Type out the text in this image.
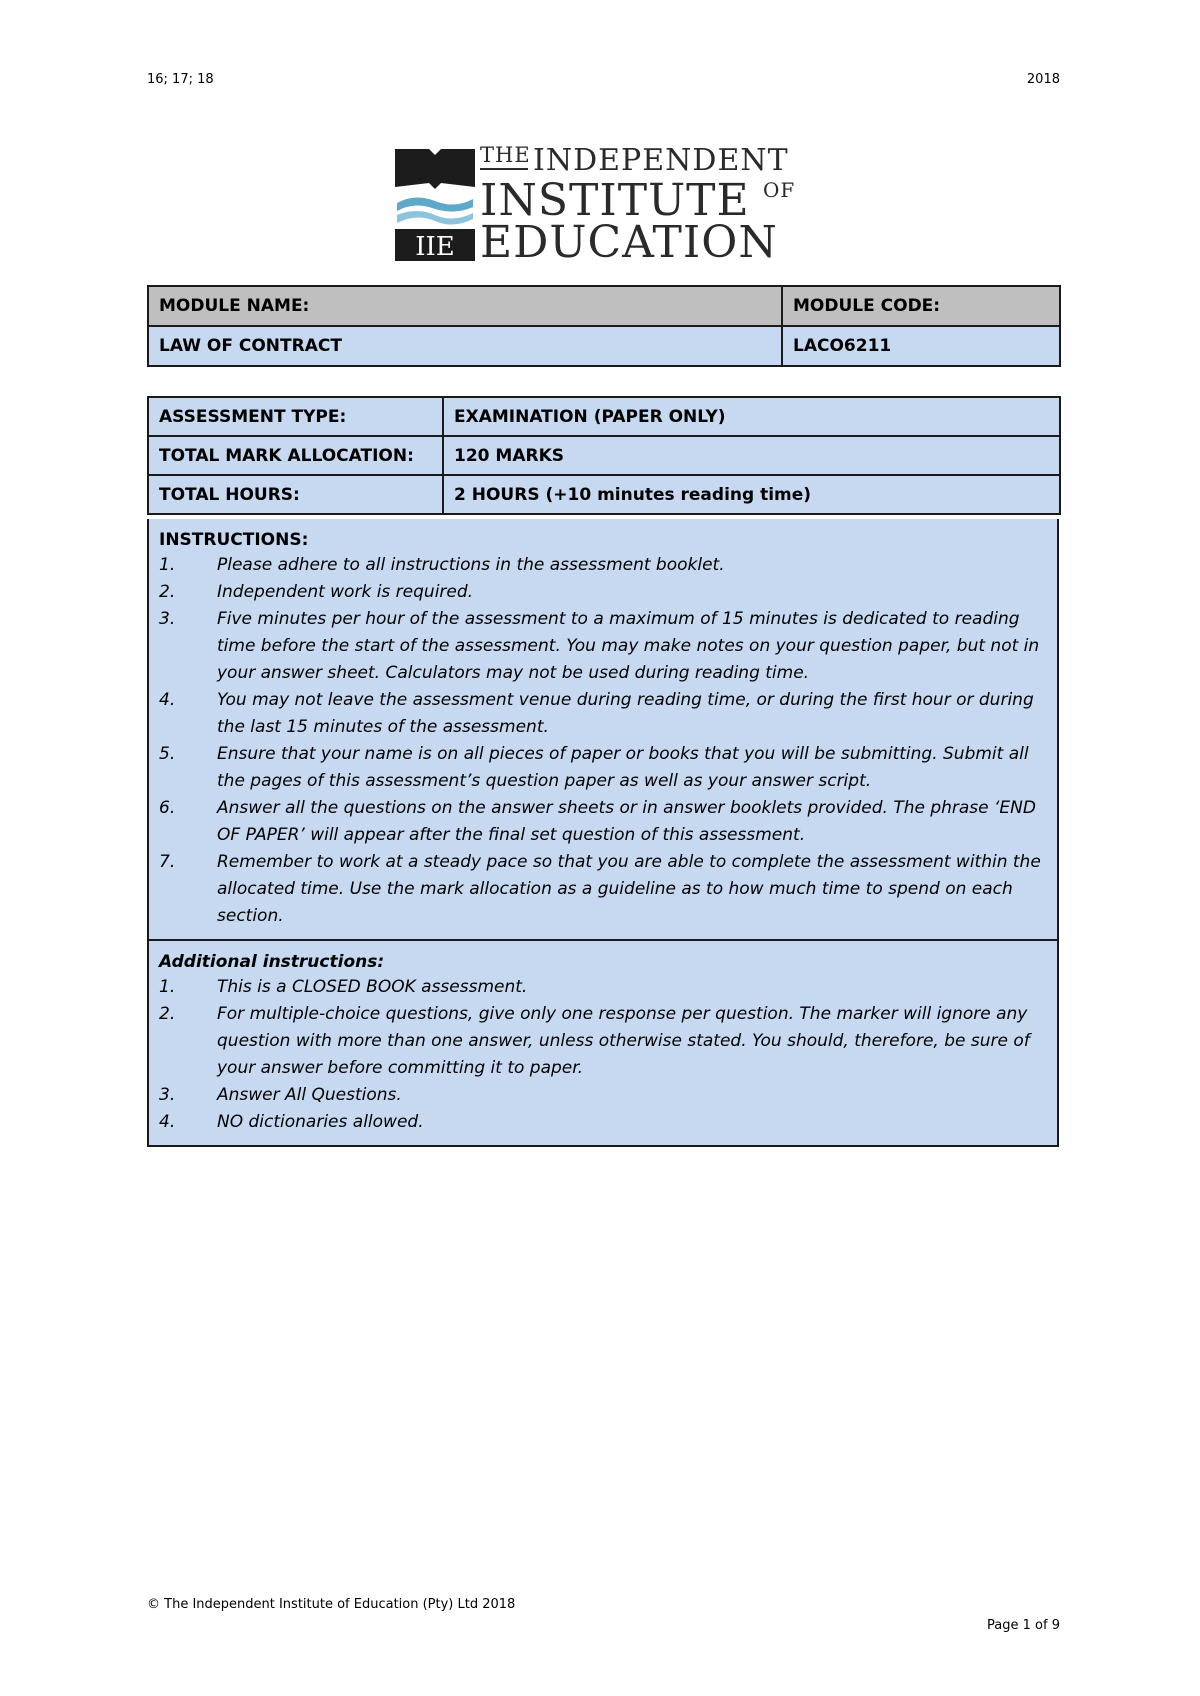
16; 17; 18	2018
IIE
THE INDEPENDENT
INSTITUTE OF
EDUCATION
MODULE NAME:	MODULE CODE:
LAW OF CONTRACT	LACO6211
ASSESSMENT TYPE:	EXAMINATION (PAPER ONLY)
TOTAL MARK ALLOCATION:	120 MARKS
TOTAL HOURS:	2 HOURS (+10 minutes reading time)
INSTRUCTIONS:
1.	Please adhere to all instructions in the assessment booklet.
2.	Independent work is required.
3.	Five minutes per hour of the assessment to a maximum of 15 minutes is dedicated to reading time before the start of the assessment. You may make notes on your question paper, but not in your answer sheet. Calculators may not be used during reading time.
4.	You may not leave the assessment venue during reading time, or during the first hour or during the last 15 minutes of the assessment.
5.	Ensure that your name is on all pieces of paper or books that you will be submitting. Submit all the pages of this assessment’s question paper as well as your answer script.
6.	Answer all the questions on the answer sheets or in answer booklets provided. The phrase ‘END OF PAPER’ will appear after the final set question of this assessment.
7.	Remember to work at a steady pace so that you are able to complete the assessment within the allocated time. Use the mark allocation as a guideline as to how much time to spend on each section.
Additional instructions:
1.	This is a CLOSED BOOK assessment.
2.	For multiple-choice questions, give only one response per question. The marker will ignore any question with more than one answer, unless otherwise stated. You should, therefore, be sure of your answer before committing it to paper.
3.	Answer All Questions.
4.	NO dictionaries allowed.
© The Independent Institute of Education (Pty) Ltd 2018
Page 1 of 9
